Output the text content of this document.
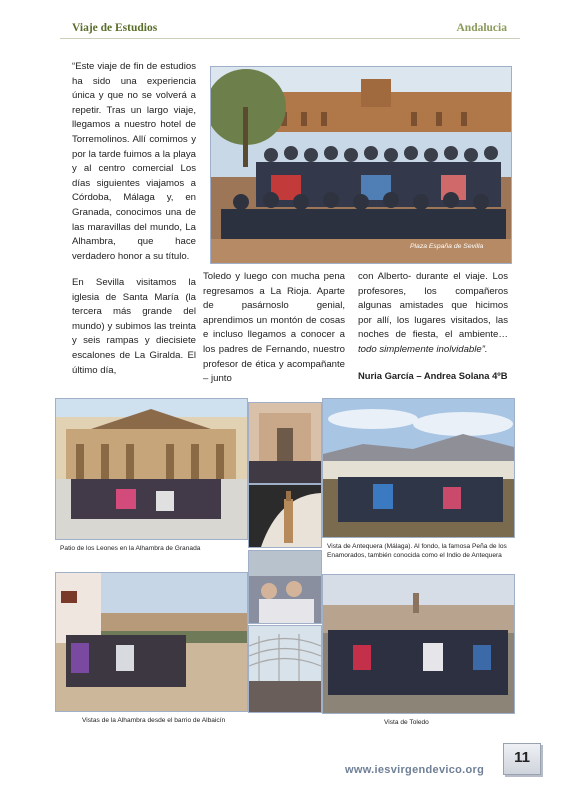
Viaje de Estudios	Andalucia

“Este viaje de fin de estudios ha sido una experiencia única y que no se volverá a repetir. Tras un largo viaje, llegamos a nuestro hotel de Torremolinos. Allí comimos y por la tarde fuimos a la playa y al centro comercial Los días siguientes viajamos a Córdoba, Málaga y, en Granada, conocimos una de las maravillas del mundo, La Alhambra, que hace verdadero honor a su título.

Plaza España de Sevilla

En Sevilla visitamos la iglesia de Santa María (la tercera más grande del mundo) y subimos las treinta y seis rampas y diecisiete escalones de La Giralda. El último día,

Toledo y luego con mucha pena regresamos a La Rioja. Aparte de pasárnoslo genial, aprendimos un montón de cosas e incluso llegamos a conocer a los padres de Fernando, nuestro profesor de ética y acompañante – junto

con Alberto- durante el viaje. Los profesores, los compañeros algunas amistades que hicimos por allí, los lugares visitados, las noches de fiesta, el ambiente… todo simplemente inolvidable”.

Nuria García – Andrea Solana 4ºB
Patio de los Leones en la Alhambra de Granada	Vista de Antequera (Málaga). Al fondo, la famosa Peña de los Enamorados, también conocida como el Indio de Antequera
Vistas de la Alhambra desde el barrio de Albaicín	Vista de Toledo
www.iesvirgendevico.org
11
